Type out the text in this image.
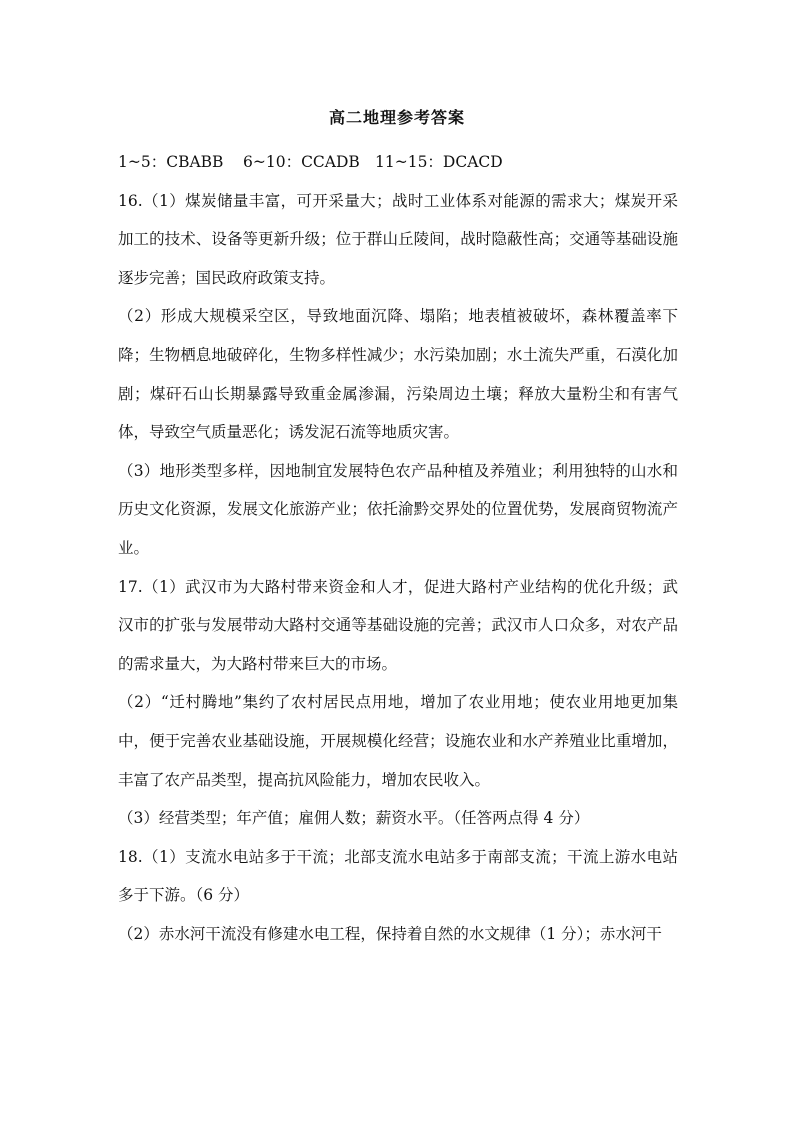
高二地理参考答案
1~5：CBABB	6~10：CCADB 11~15：DCACD

16.（1）煤炭储量丰富，可开采量大；战时工业体系对能源的需求大；煤炭开采加工的技术、设备等更新升级；位于群山丘陵间，战时隐蔽性高；交通等基础设施逐步完善；国民政府政策支持。

（2）形成大规模采空区，导致地面沉降、塌陷；地表植被破坏，森林覆盖率下降；生物栖息地破碎化，生物多样性减少；水污染加剧；水土流失严重，石漠化加剧；煤矸石山长期暴露导致重金属渗漏，污染周边土壤；释放大量粉尘和有害气体，导致空气质量恶化；诱发泥石流等地质灾害。

（3）地形类型多样，因地制宜发展特色农产品种植及养殖业；利用独特的山水和历史文化资源，发展文化旅游产业；依托渝黔交界处的位置优势，发展商贸物流产业。

17.（1）武汉市为大路村带来资金和人才，促进大路村产业结构的优化升级；武汉市的扩张与发展带动大路村交通等基础设施的完善；武汉市人口众多，对农产品的需求量大，为大路村带来巨大的市场。

（2）“迁村腾地”集约了农村居民点用地，增加了农业用地；使农业用地更加集中，便于完善农业基础设施，开展规模化经营；设施农业和水产养殖业比重增加，丰富了农产品类型，提高抗风险能力，增加农民收入。

（3）经营类型；年产值；雇佣人数；薪资水平。（任答两点得 4 分）

18.（1）支流水电站多于干流；北部支流水电站多于南部支流；干流上游水电站多于下游。（6 分）

（2）赤水河干流没有修建水电工程，保持着自然的水文规律（1 分）；赤水河干
